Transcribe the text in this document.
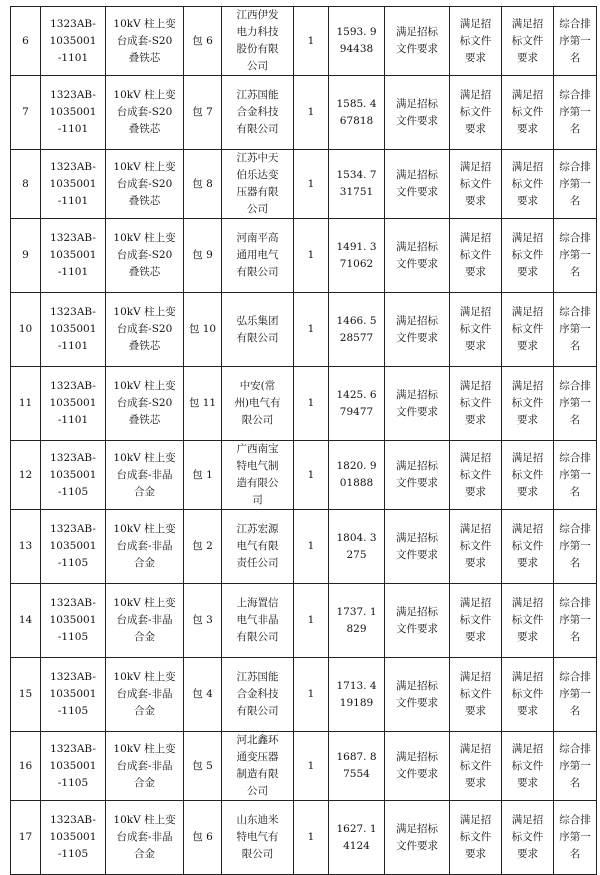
6	1323AB-
1035001
-1101	10kV 柱上变
台成套-S20
叠铁芯	包 6	江西伊发
电力科技
股份有限
公司	1	1593. 9
94438	满足招标
文件要求	满足招
标文件
要求	满足招
标文件
要求	综合排
序第一
名

7	1323AB-
1035001
-1101	10kV 柱上变
台成套-S20
叠铁芯	包 7	江苏国能
合金科技
有限公司	1	1585. 4
67818	满足招标
文件要求	满足招
标文件
要求	满足招
标文件
要求	综合排
序第一
名

8	1323AB-
1035001
-1101	10kV 柱上变
台成套-S20
叠铁芯	包 8	江苏中天
伯乐达变
压器有限
公司	1	1534. 7
31751	满足招标
文件要求	满足招
标文件
要求	满足招
标文件
要求	综合排
序第一
名

9	1323AB-
1035001
-1101	10kV 柱上变
台成套-S20
叠铁芯	包 9	河南平高
通用电气
有限公司	1	1491. 3
71062	满足招标
文件要求	满足招
标文件
要求	满足招
标文件
要求	综合排
序第一
名

10	1323AB-
1035001
-1101	10kV 柱上变
台成套-S20
叠铁芯	包 10	弘乐集团
有限公司	1	1466. 5
28577	满足招标
文件要求	满足招
标文件
要求	满足招
标文件
要求	综合排
序第一
名

11	1323AB-
1035001
-1101	10kV 柱上变
台成套-S20
叠铁芯	包 11	中安(常
州)电气有
限公司	1	1425. 6
79477	满足招标
文件要求	满足招
标文件
要求	满足招
标文件
要求	综合排
序第一
名

12	1323AB-
1035001
-1105	10kV 柱上变
台成套-非晶
合金	包 1	广西南宝
特电气制
造有限公
司	1	1820. 9
01888	满足招标
文件要求	满足招
标文件
要求	满足招
标文件
要求	综合排
序第一
名

13	1323AB-
1035001
-1105	10kV 柱上变
台成套-非晶
合金	包 2	江苏宏源
电气有限
责任公司	1	1804. 3
275	满足招标
文件要求	满足招
标文件
要求	满足招
标文件
要求	综合排
序第一
名

14	1323AB-
1035001
-1105	10kV 柱上变
台成套-非晶
合金	包 3	上海置信
电气非晶
有限公司	1	1737. 1
829	满足招标
文件要求	满足招
标文件
要求	满足招
标文件
要求	综合排
序第一
名

15	1323AB-
1035001
-1105	10kV 柱上变
台成套-非晶
合金	包 4	江苏国能
合金科技
有限公司	1	1713. 4
19189	满足招标
文件要求	满足招
标文件
要求	满足招
标文件
要求	综合排
序第一
名

16	1323AB-
1035001
-1105	10kV 柱上变
台成套-非晶
合金	包 5	河北鑫环
通变压器
制造有限
公司	1	1687. 8
7554	满足招标
文件要求	满足招
标文件
要求	满足招
标文件
要求	综合排
序第一
名

17	1323AB-
1035001
-1105	10kV 柱上变
台成套-非晶
合金	包 6	山东迪米
特电气有
限公司	1	1627. 1
4124	满足招标
文件要求	满足招
标文件
要求	满足招
标文件
要求	综合排
序第一
名
